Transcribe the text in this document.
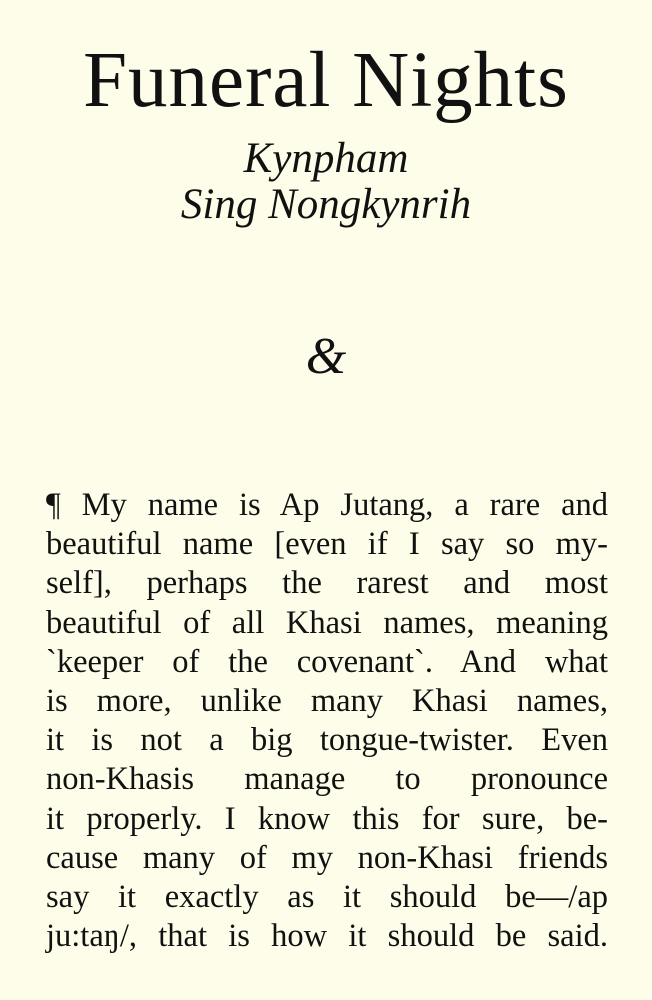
Funeral Nights
Kynpham
Sing Nongkynrih
&
¶ My name is Ap Jutang, a rare and
beautiful name [even if I say so my-
self], perhaps the rarest and most
beautiful of all Khasi names, meaning
`keeper of the covenant`. And what
is more, unlike many Khasi names,
it is not a big tongue-twister. Even
non-Khasis manage to pronounce
it properly. I know this for sure, be-
cause many of my non-Khasi friends
say it exactly as it should be—/ap
ju:taŋ/, that is how it should be said.
